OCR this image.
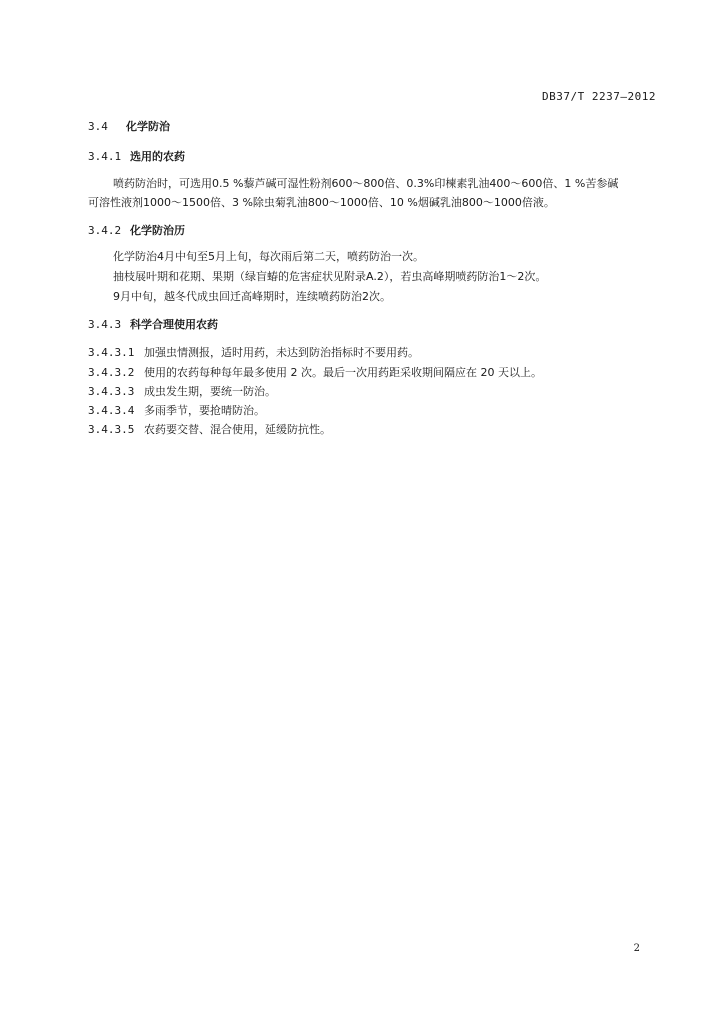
DB37/T 2237—2012
3.4 化学防治
3.4.1 选用的农药
喷药防治时，可选用0.5 %藜芦碱可湿性粉剂600～800倍、0.3%印楝素乳油400～600倍、1 %苦参碱
可溶性液剂1000～1500倍、3 %除虫菊乳油800～1000倍、10 %烟碱乳油800～1000倍液。
3.4.2 化学防治历
化学防治4月中旬至5月上旬，每次雨后第二天，喷药防治一次。
抽枝展叶期和花期、果期（绿盲蝽的危害症状见附录A.2），若虫高峰期喷药防治1～2次。
9月中旬，越冬代成虫回迁高峰期时，连续喷药防治2次。
3.4.3 科学合理使用农药
3.4.3.1 加强虫情测报，适时用药，未达到防治指标时不要用药。
3.4.3.2 使用的农药每种每年最多使用 2 次。最后一次用药距采收期间隔应在 20 天以上。
3.4.3.3 成虫发生期，要统一防治。
3.4.3.4 多雨季节，要抢晴防治。
3.4.3.5 农药要交替、混合使用，延缓防抗性。
2
